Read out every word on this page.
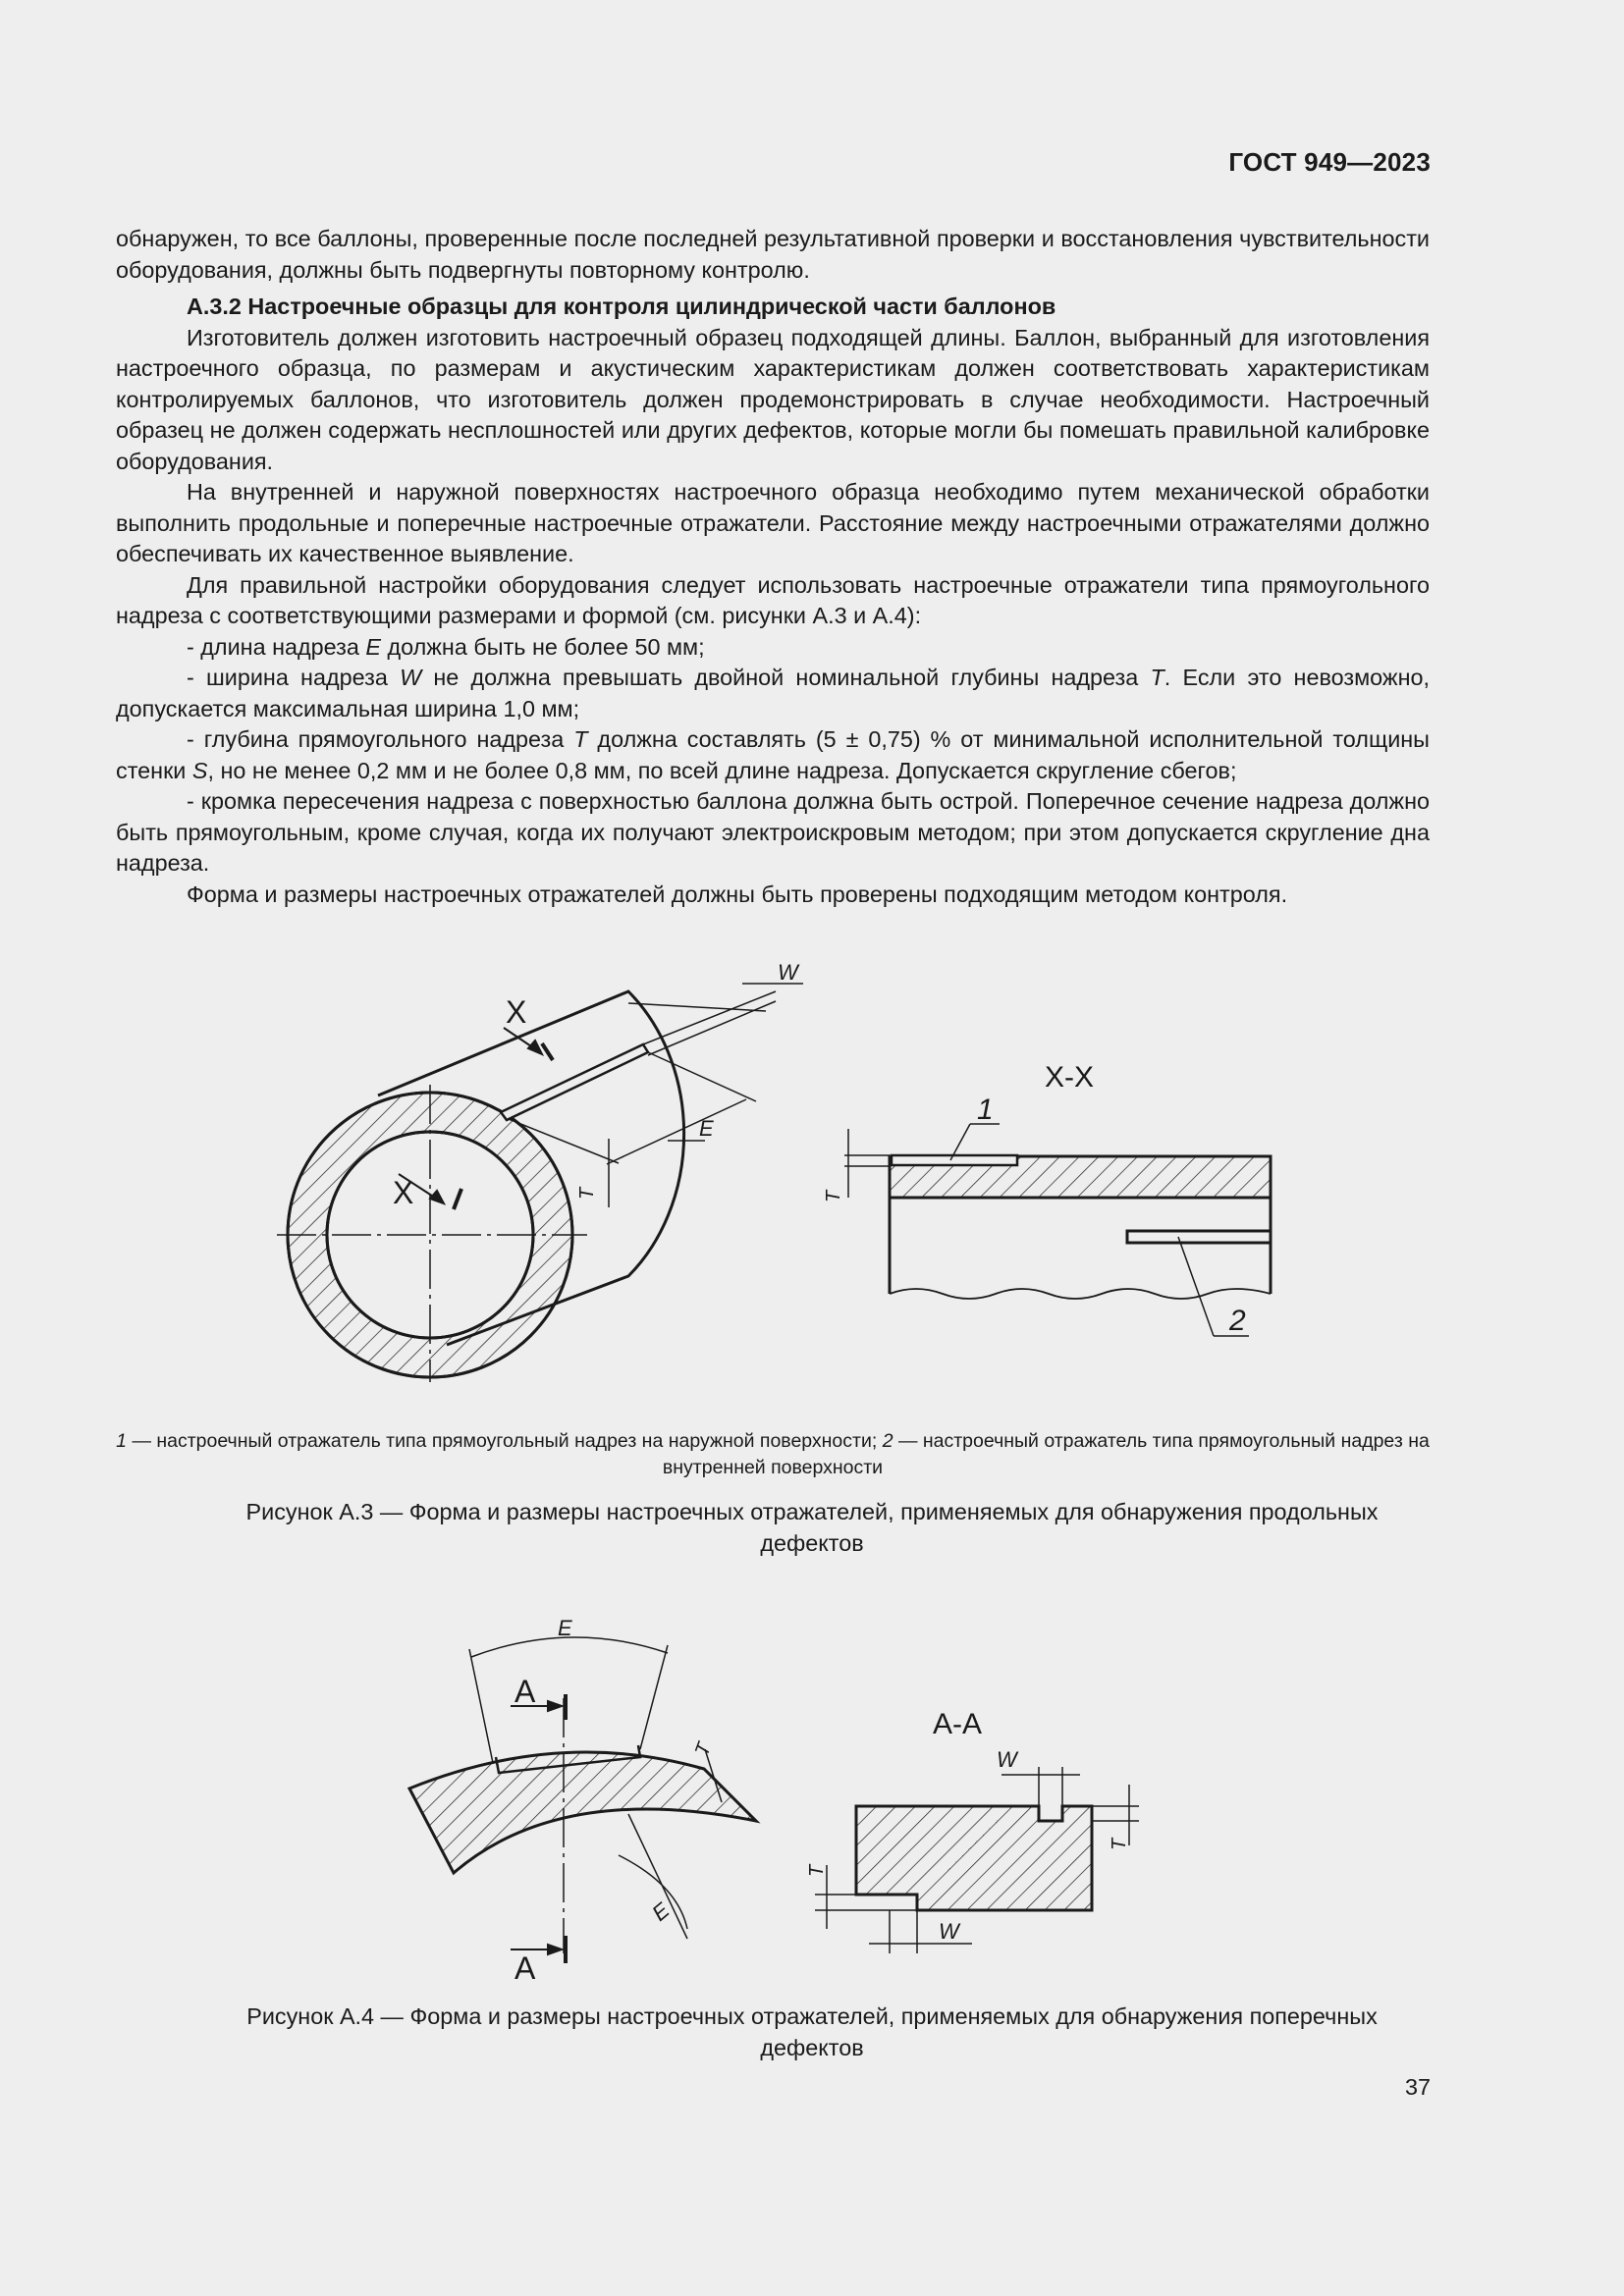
ГОСТ 949—2023

обнаружен, то все баллоны, проверенные после последней результативной проверки и восстановления чувствительности оборудования, должны быть подвергнуты повторному контролю.

А.3.2 Настроечные образцы для контроля цилиндрической части баллонов

Изготовитель должен изготовить настроечный образец подходящей длины. Баллон, выбранный для изготовления настроечного образца, по размерам и акустическим характеристикам должен соответствовать характеристикам контролируемых баллонов, что изготовитель должен продемонстрировать в случае необходимости. Настроечный образец не должен содержать несплошностей или других дефектов, которые могли бы помешать правильной калибровке оборудования.

На внутренней и наружной поверхностях настроечного образца необходимо путем механической обработки выполнить продольные и поперечные настроечные отражатели. Расстояние между настроечными отражателями должно обеспечивать их качественное выявление.

Для правильной настройки оборудования следует использовать настроечные отражатели типа прямоугольного надреза с соответствующими размерами и формой (см. рисунки А.3 и А.4):

- длина надреза E должна быть не более 50 мм;

- ширина надреза W не должна превышать двойной номинальной глубины надреза T. Если это невозможно, допускается максимальная ширина 1,0 мм;

- глубина прямоугольного надреза T должна составлять (5 ± 0,75) % от минимальной исполнительной толщины стенки S, но не менее 0,2 мм и не более 0,8 мм, по всей длине надреза. Допускается скругление сбегов;

- кромка пересечения надреза с поверхностью баллона должна быть острой. Поперечное сечение надреза должно быть прямоугольным, кроме случая, когда их получают электроискровым методом; при этом допускается скругление дна надреза.

Форма и размеры настроечных отражателей должны быть проверены подходящим методом контроля.

X
X
W
E
T
X-X
1
2
T
1 — настроечный отражатель типа прямоугольный надрез на наружной поверхности; 2 — настроечный отражатель типа прямоугольный надрез на внутренней поверхности
Рисунок А.3 — Форма и размеры настроечных отражателей, применяемых для обнаружения продольных дефектов
E
A
A
T
E
А-А
W
T
T
W
Рисунок А.4 — Форма и размеры настроечных отражателей, применяемых для обнаружения поперечных дефектов
37
